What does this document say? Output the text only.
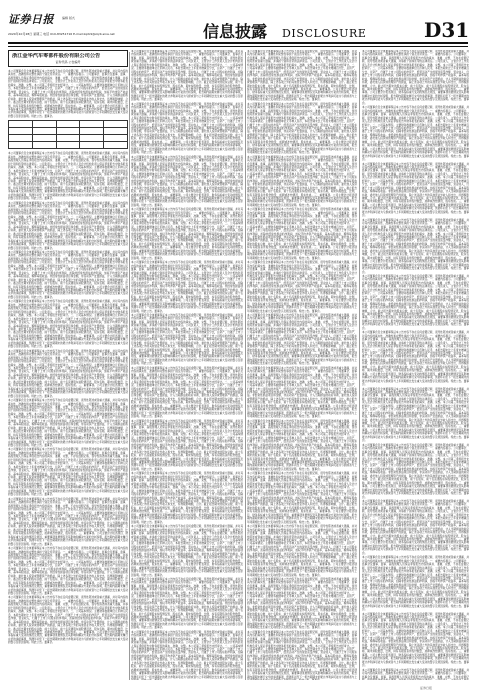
证券日报	编辑 版式
2020年10月28日 星期三 电话 010-83251716 E-mail:zqrb9@zqrb.sina.net	信息披露 DISCLOSURE	D31
浙江金华汽车零部件股份有限公司公告
证券代码 公告编号

本公司董事会及全体董事保证本公告内容不存在任何虚假记载、误导性陈述或者重大遗漏，并对其内容的真实性、准确性和完整性承担个别及连带责任。一、重要内容提示。公司董事会、监事会及董事、监事、高级管理人员保证季度报告内容的真实、准确、完整，不存在虚假记载、误导性陈述或者重大遗漏，并承担个别和连带的法律责任。公司负责人、主管会计工作负责人及会计机构负责人保证季度报告中财务报表的真实、准确、完整。本公司第三季度报告未经审计。二、公司基本情况。主要财务数据单位元币种人民币，本报告期末比上年度末增减百分比，总资产，归属于上市公司股东的净资产，经营活动产生的现金流量净额，营业收入，归属于上市公司股东的净利润，扣除非经常性损益的净利润，加权平均净资产收益率，基本每股收益，稀释每股收益。非经常性损益项目和金额，非流动资产处置损益，计入当期损益的政府补助，委托他人投资或管理资产的损益，除上述各项之外的其他营业外收入和支出，所得税影响额，合计。截止报告期末的股东总数、前十名股东、前十名流通股东持股情况表，股东名称，期末持股数量，比例，持有有限售条件股份数量，质押或冻结情况，股东性质。三、重要事项。公司主要会计报表项目、财务指标重大变动的情况及原因，重要事项进展情况及其影响和解决方案的分析说明，报告期内超期未履行完毕的承诺事项，预测年初至下一报告期期末的累计净利润可能为亏损或者与上年同期相比发生重大变动的警示及原因说明。特此公告。董事会。

本公司董事会及全体董事保证本公告内容不存在任何虚假记载、误导性陈述或者重大遗漏，并对其内容的真实性、准确性和完整性承担个别及连带责任。一、重要内容提示。公司董事会、监事会及董事、监事、高级管理人员保证季度报告内容的真实、准确、完整，不存在虚假记载、误导性陈述或者重大遗漏，并承担个别和连带的法律责任。公司负责人、主管会计工作负责人及会计机构负责人保证季度报告中财务报表的真实、准确、完整。本公司第三季度报告未经审计。二、公司基本情况。主要财务数据单位元币种人民币，本报告期末比上年度末增减百分比，总资产，归属于上市公司股东的净资产，经营活动产生的现金流量净额，营业收入，归属于上市公司股东的净利润，扣除非经常性损益的净利润，加权平均净资产收益率，基本每股收益，稀释每股收益。非经常性损益项目和金额，非流动资产处置损益，计入当期损益的政府补助，委托他人投资或管理资产的损益，除上述各项之外的其他营业外收入和支出，所得税影响额，合计。截止报告期末的股东总数、前十名股东、前十名流通股东持股情况表，股东名称，期末持股数量，比例，持有有限售条件股份数量，质押或冻结情况，股东性质。三、重要事项。公司主要会计报表项目、财务指标重大变动的情况及原因，重要事项进展情况及其影响和解决方案的分析说明，报告期内超期未履行完毕的承诺事项，预测年初至下一报告期期末的累计净利润可能为亏损或者与上年同期相比发生重大变动的警示及原因说明。特此公告。董事会。

本公司董事会及全体董事保证本公告内容不存在任何虚假记载、误导性陈述或者重大遗漏，并对其内容的真实性、准确性和完整性承担个别及连带责任。一、重要内容提示。公司董事会、监事会及董事、监事、高级管理人员保证季度报告内容的真实、准确、完整，不存在虚假记载、误导性陈述或者重大遗漏，并承担个别和连带的法律责任。公司负责人、主管会计工作负责人及会计机构负责人保证季度报告中财务报表的真实、准确、完整。本公司第三季度报告未经审计。二、公司基本情况。主要财务数据单位元币种人民币，本报告期末比上年度末增减百分比，总资产，归属于上市公司股东的净资产，经营活动产生的现金流量净额，营业收入，归属于上市公司股东的净利润，扣除非经常性损益的净利润，加权平均净资产收益率，基本每股收益，稀释每股收益。非经常性损益项目和金额，非流动资产处置损益，计入当期损益的政府补助，委托他人投资或管理资产的损益，除上述各项之外的其他营业外收入和支出，所得税影响额，合计。截止报告期末的股东总数、前十名股东、前十名流通股东持股情况表，股东名称，期末持股数量，比例，持有有限售条件股份数量，质押或冻结情况，股东性质。三、重要事项。公司主要会计报表项目、财务指标重大变动的情况及原因，重要事项进展情况及其影响和解决方案的分析说明，报告期内超期未履行完毕的承诺事项，预测年初至下一报告期期末的累计净利润可能为亏损或者与上年同期相比发生重大变动的警示及原因说明。特此公告。董事会。

本公司董事会及全体董事保证本公告内容不存在任何虚假记载、误导性陈述或者重大遗漏，并对其内容的真实性、准确性和完整性承担个别及连带责任。一、重要内容提示。公司董事会、监事会及董事、监事、高级管理人员保证季度报告内容的真实、准确、完整，不存在虚假记载、误导性陈述或者重大遗漏，并承担个别和连带的法律责任。公司负责人、主管会计工作负责人及会计机构负责人保证季度报告中财务报表的真实、准确、完整。本公司第三季度报告未经审计。二、公司基本情况。主要财务数据单位元币种人民币，本报告期末比上年度末增减百分比，总资产，归属于上市公司股东的净资产，经营活动产生的现金流量净额，营业收入，归属于上市公司股东的净利润，扣除非经常性损益的净利润，加权平均净资产收益率，基本每股收益，稀释每股收益。非经常性损益项目和金额，非流动资产处置损益，计入当期损益的政府补助，委托他人投资或管理资产的损益，除上述各项之外的其他营业外收入和支出，所得税影响额，合计。截止报告期末的股东总数、前十名股东、前十名流通股东持股情况表，股东名称，期末持股数量，比例，持有有限售条件股份数量，质押或冻结情况，股东性质。三、重要事项。公司主要会计报表项目、财务指标重大变动的情况及原因，重要事项进展情况及其影响和解决方案的分析说明，报告期内超期未履行完毕的承诺事项，预测年初至下一报告期期末的累计净利润可能为亏损或者与上年同期相比发生重大变动的警示及原因说明。特此公告。董事会。

本公司董事会及全体董事保证本公告内容不存在任何虚假记载、误导性陈述或者重大遗漏，并对其内容的真实性、准确性和完整性承担个别及连带责任。一、重要内容提示。公司董事会、监事会及董事、监事、高级管理人员保证季度报告内容的真实、准确、完整，不存在虚假记载、误导性陈述或者重大遗漏，并承担个别和连带的法律责任。公司负责人、主管会计工作负责人及会计机构负责人保证季度报告中财务报表的真实、准确、完整。本公司第三季度报告未经审计。二、公司基本情况。主要财务数据单位元币种人民币，本报告期末比上年度末增减百分比，总资产，归属于上市公司股东的净资产，经营活动产生的现金流量净额，营业收入，归属于上市公司股东的净利润，扣除非经常性损益的净利润，加权平均净资产收益率，基本每股收益，稀释每股收益。非经常性损益项目和金额，非流动资产处置损益，计入当期损益的政府补助，委托他人投资或管理资产的损益，除上述各项之外的其他营业外收入和支出，所得税影响额，合计。截止报告期末的股东总数、前十名股东、前十名流通股东持股情况表，股东名称，期末持股数量，比例，持有有限售条件股份数量，质押或冻结情况，股东性质。三、重要事项。公司主要会计报表项目、财务指标重大变动的情况及原因，重要事项进展情况及其影响和解决方案的分析说明，报告期内超期未履行完毕的承诺事项，预测年初至下一报告期期末的累计净利润可能为亏损或者与上年同期相比发生重大变动的警示及原因说明。特此公告。董事会。

本公司董事会及全体董事保证本公告内容不存在任何虚假记载、误导性陈述或者重大遗漏，并对其内容的真实性、准确性和完整性承担个别及连带责任。一、重要内容提示。公司董事会、监事会及董事、监事、高级管理人员保证季度报告内容的真实、准确、完整，不存在虚假记载、误导性陈述或者重大遗漏，并承担个别和连带的法律责任。公司负责人、主管会计工作负责人及会计机构负责人保证季度报告中财务报表的真实、准确、完整。本公司第三季度报告未经审计。二、公司基本情况。主要财务数据单位元币种人民币，本报告期末比上年度末增减百分比，总资产，归属于上市公司股东的净资产，经营活动产生的现金流量净额，营业收入，归属于上市公司股东的净利润，扣除非经常性损益的净利润，加权平均净资产收益率，基本每股收益，稀释每股收益。非经常性损益项目和金额，非流动资产处置损益，计入当期损益的政府补助，委托他人投资或管理资产的损益，除上述各项之外的其他营业外收入和支出，所得税影响额，合计。截止报告期末的股东总数、前十名股东、前十名流通股东持股情况表，股东名称，期末持股数量，比例，持有有限售条件股份数量，质押或冻结情况，股东性质。三、重要事项。公司主要会计报表项目、财务指标重大变动的情况及原因，重要事项进展情况及其影响和解决方案的分析说明，报告期内超期未履行完毕的承诺事项，预测年初至下一报告期期末的累计净利润可能为亏损或者与上年同期相比发生重大变动的警示及原因说明。特此公告。董事会。

本公司董事会及全体董事保证本公告内容不存在任何虚假记载、误导性陈述或者重大遗漏，并对其内容的真实性、准确性和完整性承担个别及连带责任。一、重要内容提示。公司董事会、监事会及董事、监事、高级管理人员保证季度报告内容的真实、准确、完整，不存在虚假记载、误导性陈述或者重大遗漏，并承担个别和连带的法律责任。公司负责人、主管会计工作负责人及会计机构负责人保证季度报告中财务报表的真实、准确、完整。本公司第三季度报告未经审计。二、公司基本情况。主要财务数据单位元币种人民币，本报告期末比上年度末增减百分比，总资产，归属于上市公司股东的净资产，经营活动产生的现金流量净额，营业收入，归属于上市公司股东的净利润，扣除非经常性损益的净利润，加权平均净资产收益率，基本每股收益，稀释每股收益。非经常性损益项目和金额，非流动资产处置损益，计入当期损益的政府补助，委托他人投资或管理资产的损益，除上述各项之外的其他营业外收入和支出，所得税影响额，合计。截止报告期末的股东总数、前十名股东、前十名流通股东持股情况表，股东名称，期末持股数量，比例，持有有限售条件股份数量，质押或冻结情况，股东性质。三、重要事项。公司主要会计报表项目、财务指标重大变动的情况及原因，重要事项进展情况及其影响和解决方案的分析说明，报告期内超期未履行完毕的承诺事项，预测年初至下一报告期期末的累计净利润可能为亏损或者与上年同期相比发生重大变动的警示及原因说明。特此公告。董事会。

本公司董事会及全体董事保证本公告内容不存在任何虚假记载、误导性陈述或者重大遗漏，并对其内容的真实性、准确性和完整性承担个别及连带责任。一、重要内容提示。公司董事会、监事会及董事、监事、高级管理人员保证季度报告内容的真实、准确、完整，不存在虚假记载、误导性陈述或者重大遗漏，并承担个别和连带的法律责任。公司负责人、主管会计工作负责人及会计机构负责人保证季度报告中财务报表的真实、准确、完整。本公司第三季度报告未经审计。二、公司基本情况。主要财务数据单位元币种人民币，本报告期末比上年度末增减百分比，总资产，归属于上市公司股东的净资产，经营活动产生的现金流量净额，营业收入，归属于上市公司股东的净利润，扣除非经常性损益的净利润，加权平均净资产收益率，基本每股收益，稀释每股收益。非经常性损益项目和金额，非流动资产处置损益，计入当期损益的政府补助，委托他人投资或管理资产的损益，除上述各项之外的其他营业外收入和支出，所得税影响额，合计。截止报告期末的股东总数、前十名股东、前十名流通股东持股情况表，股东名称，期末持股数量，比例，持有有限售条件股份数量，质押或冻结情况，股东性质。三、重要事项。公司主要会计报表项目、财务指标重大变动的情况及原因，重要事项进展情况及其影响和解决方案的分析说明，报告期内超期未履行完毕的承诺事项，预测年初至下一报告期期末的累计净利润可能为亏损或者与上年同期相比发生重大变动的警示及原因说明。特此公告。董事会。

本公司董事会及全体董事保证本公告内容不存在任何虚假记载、误导性陈述或者重大遗漏，并对其内容的真实性、准确性和完整性承担个别及连带责任。一、重要内容提示。公司董事会、监事会及董事、监事、高级管理人员保证季度报告内容的真实、准确、完整，不存在虚假记载、误导性陈述或者重大遗漏，并承担个别和连带的法律责任。公司负责人、主管会计工作负责人及会计机构负责人保证季度报告中财务报表的真实、准确、完整。本公司第三季度报告未经审计。二、公司基本情况。主要财务数据单位元币种人民币，本报告期末比上年度末增减百分比，总资产，归属于上市公司股东的净资产，经营活动产生的现金流量净额，营业收入，归属于上市公司股东的净利润，扣除非经常性损益的净利润，加权平均净资产收益率，基本每股收益，稀释每股收益。非经常性损益项目和金额，非流动资产处置损益，计入当期损益的政府补助，委托他人投资或管理资产的损益，除上述各项之外的其他营业外收入和支出，所得税影响额，合计。截止报告期末的股东总数、前十名股东、前十名流通股东持股情况表，股东名称，期末持股数量，比例，持有有限售条件股份数量，质押或冻结情况，股东性质。三、重要事项。公司主要会计报表项目、财务指标重大变动的情况及原因，重要事项进展情况及其影响和解决方案的分析说明，报告期内超期未履行完毕的承诺事项，预测年初至下一报告期期末的累计净利润可能为亏损或者与上年同期相比发生重大变动的警示及原因说明。特此公告。董事会。

本公司董事会及全体董事保证本公告内容不存在任何虚假记载、误导性陈述或者重大遗漏，并对其内容的真实性、准确性和完整性承担个别及连带责任。一、重要内容提示。公司董事会、监事会及董事、监事、高级管理人员保证季度报告内容的真实、准确、完整，不存在虚假记载、误导性陈述或者重大遗漏，并承担个别和连带的法律责任。公司负责人、主管会计工作负责人及会计机构负责人保证季度报告中财务报表的真实、准确、完整。本公司第三季度报告未经审计。二、公司基本情况。主要财务数据单位元币种人民币，本报告期末比上年度末增减百分比，总资产，归属于上市公司股东的净资产，经营活动产生的现金流量净额，营业收入，归属于上市公司股东的净利润，扣除非经常性损益的净利润，加权平均净资产收益率，基本每股收益，稀释每股收益。非经常性损益项目和金额，非流动资产处置损益，计入当期损益的政府补助，委托他人投资或管理资产的损益，除上述各项之外的其他营业外收入和支出，所得税影响额，合计。截止报告期末的股东总数、前十名股东、前十名流通股东持股情况表，股东名称，期末持股数量，比例，持有有限售条件股份数量，质押或冻结情况，股东性质。三、重要事项。公司主要会计报表项目、财务指标重大变动的情况及原因，重要事项进展情况及其影响和解决方案的分析说明，报告期内超期未履行完毕的承诺事项，预测年初至下一报告期期末的累计净利润可能为亏损或者与上年同期相比发生重大变动的警示及原因说明。特此公告。董事会。

本公司董事会及全体董事保证本公告内容不存在任何虚假记载、误导性陈述或者重大遗漏，并对其内容的真实性、准确性和完整性承担个别及连带责任。一、重要内容提示。公司董事会、监事会及董事、监事、高级管理人员保证季度报告内容的真实、准确、完整，不存在虚假记载、误导性陈述或者重大遗漏，并承担个别和连带的法律责任。公司负责人、主管会计工作负责人及会计机构负责人保证季度报告中财务报表的真实、准确、完整。本公司第三季度报告未经审计。二、公司基本情况。主要财务数据单位元币种人民币，本报告期末比上年度末增减百分比，总资产，归属于上市公司股东的净资产，经营活动产生的现金流量净额，营业收入，归属于上市公司股东的净利润，扣除非经常性损益的净利润，加权平均净资产收益率，基本每股收益，稀释每股收益。非经常性损益项目和金额，非流动资产处置损益，计入当期损益的政府补助，委托他人投资或管理资产的损益，除上述各项之外的其他营业外收入和支出，所得税影响额，合计。截止报告期末的股东总数、前十名股东、前十名流通股东持股情况表，股东名称，期末持股数量，比例，持有有限售条件股份数量，质押或冻结情况，股东性质。三、重要事项。公司主要会计报表项目、财务指标重大变动的情况及原因，重要事项进展情况及其影响和解决方案的分析说明，报告期内超期未履行完毕的承诺事项，预测年初至下一报告期期末的累计净利润可能为亏损或者与上年同期相比发生重大变动的警示及原因说明。特此公告。董事会。

本公司董事会及全体董事保证本公告内容不存在任何虚假记载、误导性陈述或者重大遗漏，并对其内容的真实性、准确性和完整性承担个别及连带责任。一、重要内容提示。公司董事会、监事会及董事、监事、高级管理人员保证季度报告内容的真实、准确、完整，不存在虚假记载、误导性陈述或者重大遗漏，并承担个别和连带的法律责任。公司负责人、主管会计工作负责人及会计机构负责人保证季度报告中财务报表的真实、准确、完整。本公司第三季度报告未经审计。二、公司基本情况。主要财务数据单位元币种人民币，本报告期末比上年度末增减百分比，总资产，归属于上市公司股东的净资产，经营活动产生的现金流量净额，营业收入，归属于上市公司股东的净利润，扣除非经常性损益的净利润，加权平均净资产收益率，基本每股收益，稀释每股收益。非经常性损益项目和金额，非流动资产处置损益，计入当期损益的政府补助，委托他人投资或管理资产的损益，除上述各项之外的其他营业外收入和支出，所得税影响额，合计。截止报告期末的股东总数、前十名股东、前十名流通股东持股情况表，股东名称，期末持股数量，比例，持有有限售条件股份数量，质押或冻结情况，股东性质。三、重要事项。公司主要会计报表项目、财务指标重大变动的情况及原因，重要事项进展情况及其影响和解决方案的分析说明，报告期内超期未履行完毕的承诺事项，预测年初至下一报告期期末的累计净利润可能为亏损或者与上年同期相比发生重大变动的警示及原因说明。特此公告。董事会。

本公司董事会及全体董事保证本公告内容不存在任何虚假记载、误导性陈述或者重大遗漏，并对其内容的真实性、准确性和完整性承担个别及连带责任。一、重要内容提示。公司董事会、监事会及董事、监事、高级管理人员保证季度报告内容的真实、准确、完整，不存在虚假记载、误导性陈述或者重大遗漏，并承担个别和连带的法律责任。公司负责人、主管会计工作负责人及会计机构负责人保证季度报告中财务报表的真实、准确、完整。本公司第三季度报告未经审计。二、公司基本情况。主要财务数据单位元币种人民币，本报告期末比上年度末增减百分比，总资产，归属于上市公司股东的净资产，经营活动产生的现金流量净额，营业收入，归属于上市公司股东的净利润，扣除非经常性损益的净利润，加权平均净资产收益率，基本每股收益，稀释每股收益。非经常性损益项目和金额，非流动资产处置损益，计入当期损益的政府补助，委托他人投资或管理资产的损益，除上述各项之外的其他营业外收入和支出，所得税影响额，合计。截止报告期末的股东总数、前十名股东、前十名流通股东持股情况表，股东名称，期末持股数量，比例，持有有限售条件股份数量，质押或冻结情况，股东性质。三、重要事项。公司主要会计报表项目、财务指标重大变动的情况及原因，重要事项进展情况及其影响和解决方案的分析说明，报告期内超期未履行完毕的承诺事项，预测年初至下一报告期期末的累计净利润可能为亏损或者与上年同期相比发生重大变动的警示及原因说明。特此公告。董事会。

本公司董事会及全体董事保证本公告内容不存在任何虚假记载、误导性陈述或者重大遗漏，并对其内容的真实性、准确性和完整性承担个别及连带责任。一、重要内容提示。公司董事会、监事会及董事、监事、高级管理人员保证季度报告内容的真实、准确、完整，不存在虚假记载、误导性陈述或者重大遗漏，并承担个别和连带的法律责任。公司负责人、主管会计工作负责人及会计机构负责人保证季度报告中财务报表的真实、准确、完整。本公司第三季度报告未经审计。二、公司基本情况。主要财务数据单位元币种人民币，本报告期末比上年度末增减百分比，总资产，归属于上市公司股东的净资产，经营活动产生的现金流量净额，营业收入，归属于上市公司股东的净利润，扣除非经常性损益的净利润，加权平均净资产收益率，基本每股收益，稀释每股收益。非经常性损益项目和金额，非流动资产处置损益，计入当期损益的政府补助，委托他人投资或管理资产的损益，除上述各项之外的其他营业外收入和支出，所得税影响额，合计。截止报告期末的股东总数、前十名股东、前十名流通股东持股情况表，股东名称，期末持股数量，比例，持有有限售条件股份数量，质押或冻结情况，股东性质。三、重要事项。公司主要会计报表项目、财务指标重大变动的情况及原因，重要事项进展情况及其影响和解决方案的分析说明，报告期内超期未履行完毕的承诺事项，预测年初至下一报告期期末的累计净利润可能为亏损或者与上年同期相比发生重大变动的警示及原因说明。特此公告。董事会。

本公司董事会及全体董事保证本公告内容不存在任何虚假记载、误导性陈述或者重大遗漏，并对其内容的真实性、准确性和完整性承担个别及连带责任。一、重要内容提示。公司董事会、监事会及董事、监事、高级管理人员保证季度报告内容的真实、准确、完整，不存在虚假记载、误导性陈述或者重大遗漏，并承担个别和连带的法律责任。公司负责人、主管会计工作负责人及会计机构负责人保证季度报告中财务报表的真实、准确、完整。本公司第三季度报告未经审计。二、公司基本情况。主要财务数据单位元币种人民币，本报告期末比上年度末增减百分比，总资产，归属于上市公司股东的净资产，经营活动产生的现金流量净额，营业收入，归属于上市公司股东的净利润，扣除非经常性损益的净利润，加权平均净资产收益率，基本每股收益，稀释每股收益。非经常性损益项目和金额，非流动资产处置损益，计入当期损益的政府补助，委托他人投资或管理资产的损益，除上述各项之外的其他营业外收入和支出，所得税影响额，合计。截止报告期末的股东总数、前十名股东、前十名流通股东持股情况表，股东名称，期末持股数量，比例，持有有限售条件股份数量，质押或冻结情况，股东性质。三、重要事项。公司主要会计报表项目、财务指标重大变动的情况及原因，重要事项进展情况及其影响和解决方案的分析说明，报告期内超期未履行完毕的承诺事项，预测年初至下一报告期期末的累计净利润可能为亏损或者与上年同期相比发生重大变动的警示及原因说明。特此公告。董事会。

本公司董事会及全体董事保证本公告内容不存在任何虚假记载、误导性陈述或者重大遗漏，并对其内容的真实性、准确性和完整性承担个别及连带责任。一、重要内容提示。公司董事会、监事会及董事、监事、高级管理人员保证季度报告内容的真实、准确、完整，不存在虚假记载、误导性陈述或者重大遗漏，并承担个别和连带的法律责任。公司负责人、主管会计工作负责人及会计机构负责人保证季度报告中财务报表的真实、准确、完整。本公司第三季度报告未经审计。二、公司基本情况。主要财务数据单位元币种人民币，本报告期末比上年度末增减百分比，总资产，归属于上市公司股东的净资产，经营活动产生的现金流量净额，营业收入，归属于上市公司股东的净利润，扣除非经常性损益的净利润，加权平均净资产收益率，基本每股收益，稀释每股收益。非经常性损益项目和金额，非流动资产处置损益，计入当期损益的政府补助，委托他人投资或管理资产的损益，除上述各项之外的其他营业外收入和支出，所得税影响额，合计。截止报告期末的股东总数、前十名股东、前十名流通股东持股情况表，股东名称，期末持股数量，比例，持有有限售条件股份数量，质押或冻结情况，股东性质。三、重要事项。公司主要会计报表项目、财务指标重大变动的情况及原因，重要事项进展情况及其影响和解决方案的分析说明，报告期内超期未履行完毕的承诺事项，预测年初至下一报告期期末的累计净利润可能为亏损或者与上年同期相比发生重大变动的警示及原因说明。特此公告。董事会。

本公司董事会及全体董事保证本公告内容不存在任何虚假记载、误导性陈述或者重大遗漏，并对其内容的真实性、准确性和完整性承担个别及连带责任。一、重要内容提示。公司董事会、监事会及董事、监事、高级管理人员保证季度报告内容的真实、准确、完整，不存在虚假记载、误导性陈述或者重大遗漏，并承担个别和连带的法律责任。公司负责人、主管会计工作负责人及会计机构负责人保证季度报告中财务报表的真实、准确、完整。本公司第三季度报告未经审计。二、公司基本情况。主要财务数据单位元币种人民币，本报告期末比上年度末增减百分比，总资产，归属于上市公司股东的净资产，经营活动产生的现金流量净额，营业收入，归属于上市公司股东的净利润，扣除非经常性损益的净利润，加权平均净资产收益率，基本每股收益，稀释每股收益。非经常性损益项目和金额，非流动资产处置损益，计入当期损益的政府补助，委托他人投资或管理资产的损益，除上述各项之外的其他营业外收入和支出，所得税影响额，合计。截止报告期末的股东总数、前十名股东、前十名流通股东持股情况表，股东名称，期末持股数量，比例，持有有限售条件股份数量，质押或冻结情况，股东性质。三、重要事项。公司主要会计报表项目、财务指标重大变动的情况及原因，重要事项进展情况及其影响和解决方案的分析说明，报告期内超期未履行完毕的承诺事项，预测年初至下一报告期期末的累计净利润可能为亏损或者与上年同期相比发生重大变动的警示及原因说明。特此公告。董事会。

本公司董事会及全体董事保证本公告内容不存在任何虚假记载、误导性陈述或者重大遗漏，并对其内容的真实性、准确性和完整性承担个别及连带责任。一、重要内容提示。公司董事会、监事会及董事、监事、高级管理人员保证季度报告内容的真实、准确、完整，不存在虚假记载、误导性陈述或者重大遗漏，并承担个别和连带的法律责任。公司负责人、主管会计工作负责人及会计机构负责人保证季度报告中财务报表的真实、准确、完整。本公司第三季度报告未经审计。二、公司基本情况。主要财务数据单位元币种人民币，本报告期末比上年度末增减百分比，总资产，归属于上市公司股东的净资产，经营活动产生的现金流量净额，营业收入，归属于上市公司股东的净利润，扣除非经常性损益的净利润，加权平均净资产收益率，基本每股收益，稀释每股收益。非经常性损益项目和金额，非流动资产处置损益，计入当期损益的政府补助，委托他人投资或管理资产的损益，除上述各项之外的其他营业外收入和支出，所得税影响额，合计。截止报告期末的股东总数、前十名股东、前十名流通股东持股情况表，股东名称，期末持股数量，比例，持有有限售条件股份数量，质押或冻结情况，股东性质。三、重要事项。公司主要会计报表项目、财务指标重大变动的情况及原因，重要事项进展情况及其影响和解决方案的分析说明，报告期内超期未履行完毕的承诺事项，预测年初至下一报告期期末的累计净利润可能为亏损或者与上年同期相比发生重大变动的警示及原因说明。特此公告。董事会。

本公司董事会及全体董事保证本公告内容不存在任何虚假记载、误导性陈述或者重大遗漏，并对其内容的真实性、准确性和完整性承担个别及连带责任。一、重要内容提示。公司董事会、监事会及董事、监事、高级管理人员保证季度报告内容的真实、准确、完整，不存在虚假记载、误导性陈述或者重大遗漏，并承担个别和连带的法律责任。公司负责人、主管会计工作负责人及会计机构负责人保证季度报告中财务报表的真实、准确、完整。本公司第三季度报告未经审计。二、公司基本情况。主要财务数据单位元币种人民币，本报告期末比上年度末增减百分比，总资产，归属于上市公司股东的净资产，经营活动产生的现金流量净额，营业收入，归属于上市公司股东的净利润，扣除非经常性损益的净利润，加权平均净资产收益率，基本每股收益，稀释每股收益。非经常性损益项目和金额，非流动资产处置损益，计入当期损益的政府补助，委托他人投资或管理资产的损益，除上述各项之外的其他营业外收入和支出，所得税影响额，合计。截止报告期末的股东总数、前十名股东、前十名流通股东持股情况表，股东名称，期末持股数量，比例，持有有限售条件股份数量，质押或冻结情况，股东性质。三、重要事项。公司主要会计报表项目、财务指标重大变动的情况及原因，重要事项进展情况及其影响和解决方案的分析说明，报告期内超期未履行完毕的承诺事项，预测年初至下一报告期期末的累计净利润可能为亏损或者与上年同期相比发生重大变动的警示及原因说明。特此公告。董事会。

本公司董事会及全体董事保证本公告内容不存在任何虚假记载、误导性陈述或者重大遗漏，并对其内容的真实性、准确性和完整性承担个别及连带责任。一、重要内容提示。公司董事会、监事会及董事、监事、高级管理人员保证季度报告内容的真实、准确、完整，不存在虚假记载、误导性陈述或者重大遗漏，并承担个别和连带的法律责任。公司负责人、主管会计工作负责人及会计机构负责人保证季度报告中财务报表的真实、准确、完整。本公司第三季度报告未经审计。二、公司基本情况。主要财务数据单位元币种人民币，本报告期末比上年度末增减百分比，总资产，归属于上市公司股东的净资产，经营活动产生的现金流量净额，营业收入，归属于上市公司股东的净利润，扣除非经常性损益的净利润，加权平均净资产收益率，基本每股收益，稀释每股收益。非经常性损益项目和金额，非流动资产处置损益，计入当期损益的政府补助，委托他人投资或管理资产的损益，除上述各项之外的其他营业外收入和支出，所得税影响额，合计。截止报告期末的股东总数、前十名股东、前十名流通股东持股情况表，股东名称，期末持股数量，比例，持有有限售条件股份数量，质押或冻结情况，股东性质。三、重要事项。公司主要会计报表项目、财务指标重大变动的情况及原因，重要事项进展情况及其影响和解决方案的分析说明，报告期内超期未履行完毕的承诺事项，预测年初至下一报告期期末的累计净利润可能为亏损或者与上年同期相比发生重大变动的警示及原因说明。特此公告。董事会。

本公司董事会及全体董事保证本公告内容不存在任何虚假记载、误导性陈述或者重大遗漏，并对其内容的真实性、准确性和完整性承担个别及连带责任。一、重要内容提示。公司董事会、监事会及董事、监事、高级管理人员保证季度报告内容的真实、准确、完整，不存在虚假记载、误导性陈述或者重大遗漏，并承担个别和连带的法律责任。公司负责人、主管会计工作负责人及会计机构负责人保证季度报告中财务报表的真实、准确、完整。本公司第三季度报告未经审计。二、公司基本情况。主要财务数据单位元币种人民币，本报告期末比上年度末增减百分比，总资产，归属于上市公司股东的净资产，经营活动产生的现金流量净额，营业收入，归属于上市公司股东的净利润，扣除非经常性损益的净利润，加权平均净资产收益率，基本每股收益，稀释每股收益。非经常性损益项目和金额，非流动资产处置损益，计入当期损益的政府补助，委托他人投资或管理资产的损益，除上述各项之外的其他营业外收入和支出，所得税影响额，合计。截止报告期末的股东总数、前十名股东、前十名流通股东持股情况表，股东名称，期末持股数量，比例，持有有限售条件股份数量，质押或冻结情况，股东性质。三、重要事项。公司主要会计报表项目、财务指标重大变动的情况及原因，重要事项进展情况及其影响和解决方案的分析说明，报告期内超期未履行完毕的承诺事项，预测年初至下一报告期期末的累计净利润可能为亏损或者与上年同期相比发生重大变动的警示及原因说明。特此公告。董事会。

本公司董事会及全体董事保证本公告内容不存在任何虚假记载、误导性陈述或者重大遗漏，并对其内容的真实性、准确性和完整性承担个别及连带责任。一、重要内容提示。公司董事会、监事会及董事、监事、高级管理人员保证季度报告内容的真实、准确、完整，不存在虚假记载、误导性陈述或者重大遗漏，并承担个别和连带的法律责任。公司负责人、主管会计工作负责人及会计机构负责人保证季度报告中财务报表的真实、准确、完整。本公司第三季度报告未经审计。二、公司基本情况。主要财务数据单位元币种人民币，本报告期末比上年度末增减百分比，总资产，归属于上市公司股东的净资产，经营活动产生的现金流量净额，营业收入，归属于上市公司股东的净利润，扣除非经常性损益的净利润，加权平均净资产收益率，基本每股收益，稀释每股收益。非经常性损益项目和金额，非流动资产处置损益，计入当期损益的政府补助，委托他人投资或管理资产的损益，除上述各项之外的其他营业外收入和支出，所得税影响额，合计。截止报告期末的股东总数、前十名股东、前十名流通股东持股情况表，股东名称，期末持股数量，比例，持有有限售条件股份数量，质押或冻结情况，股东性质。三、重要事项。公司主要会计报表项目、财务指标重大变动的情况及原因，重要事项进展情况及其影响和解决方案的分析说明，报告期内超期未履行完毕的承诺事项，预测年初至下一报告期期末的累计净利润可能为亏损或者与上年同期相比发生重大变动的警示及原因说明。特此公告。董事会。

本公司董事会及全体董事保证本公告内容不存在任何虚假记载、误导性陈述或者重大遗漏，并对其内容的真实性、准确性和完整性承担个别及连带责任。一、重要内容提示。公司董事会、监事会及董事、监事、高级管理人员保证季度报告内容的真实、准确、完整，不存在虚假记载、误导性陈述或者重大遗漏，并承担个别和连带的法律责任。公司负责人、主管会计工作负责人及会计机构负责人保证季度报告中财务报表的真实、准确、完整。本公司第三季度报告未经审计。二、公司基本情况。主要财务数据单位元币种人民币，本报告期末比上年度末增减百分比，总资产，归属于上市公司股东的净资产，经营活动产生的现金流量净额，营业收入，归属于上市公司股东的净利润，扣除非经常性损益的净利润，加权平均净资产收益率，基本每股收益，稀释每股收益。非经常性损益项目和金额，非流动资产处置损益，计入当期损益的政府补助，委托他人投资或管理资产的损益，除上述各项之外的其他营业外收入和支出，所得税影响额，合计。截止报告期末的股东总数、前十名股东、前十名流通股东持股情况表，股东名称，期末持股数量，比例，持有有限售条件股份数量，质押或冻结情况，股东性质。三、重要事项。公司主要会计报表项目、财务指标重大变动的情况及原因，重要事项进展情况及其影响和解决方案的分析说明，报告期内超期未履行完毕的承诺事项，预测年初至下一报告期期末的累计净利润可能为亏损或者与上年同期相比发生重大变动的警示及原

本公司董事会及全体董事保证本公告内容不存在任何虚假记载、误导性陈述或者重大遗漏，并对其内容的真实性、准确性和完整性承担个别及连带责任。一、重要内容提示。公司董事会、监事会及董事、监事、高级管理人员保证季度报告内容的真实、准确、完整，不存在虚假记载、误导性陈述或者重大遗漏，并承担个别和连带的法律责任。公司负责人、主管会计工作负责人及会计机构负责人保证季度报告中财务报表的真实、准确、完整。本公司第三季度报告未经审计。二、公司基本情况。主要财务数据单位元币种人民币，本报告期末比上年度末增减百分比，总资产，归属于上市公司股东的净资产，经营活动产生的现金流量净额，营业收入，归属于上市公司股东的净利润，扣除非经常性损益的净利润，加权平均净资产收益率，基本每股收益，稀释每股收益。非经常性损益项目和金额，非流动资产处置损益，计入当期损益的政府补助，委托他人投资或管理资产的损益，除上述各项之外的其他营业外收入和支出，所得税影响额，合计。截止报告期末的股东总数、前十名股东、前十名流通股东持股情况表，股东名称，期末持股数量，比例，持有有限售条件股份数量，质押或冻结情况，股东性质。三、重要事项。公司主要会计报表项目、财务指标重大变动的情况及原因，重要事项进展情况及其影响和解决方案的分析说明，报告期内超期未履行完毕的承诺事项，预测年初至下一报告期期末的累计净利润可能为亏损或者与上年同期相比发生重大变动的警示及原因说明。特此公告。董事会。

本公司董事会及全体董事保证本公告内容不存在任何虚假记载、误导性陈述或者重大遗漏，并对其内容的真实性、准确性和完整性承担个别及连带责任。一、重要内容提示。公司董事会、监事会及董事、监事、高级管理人员保证季度报告内容的真实、准确、完整，不存在虚假记载、误导性陈述或者重大遗漏，并承担个别和连带的法律责任。公司负责人、主管会计工作负责人及会计机构负责人保证季度报告中财务报表的真实、准确、完整。本公司第三季度报告未经审计。二、公司基本情况。主要财务数据单位元币种人民币，本报告期末比上年度末增减百分比，总资产，归属于上市公司股东的净资产，经营活动产生的现金流量净额，营业收入，归属于上市公司股东的净利润，扣除非经常性损益的净利润，加权平均净资产收益率，基本每股收益，稀释每股收益。非经常性损益项目和金额，非流动资产处置损益，计入当期损益的政府补助，委托他人投资或管理资产的损益，除上述各项之外的其他营业外收入和支出，所得税影响额，合计。截止报告期末的股东总数、前十名股东、前十名流通股东持股情况表，股东名称，期末持股数量，比例，持有有限售条件股份数量，质押或冻结情况，股东性质。三、重要事项。公司主要会计报表项目、财务指标重大变动的情况及原因，重要事项进展情况及其影响和解决方案的分析说明，报告期内超期未履行完毕的承诺事项，预测年初至下一报告期期末的累计净利润可能为亏损或者与上年同期相比发生重大变动的警示及原因说明。特此公告。董事会。

本公司董事会及全体董事保证本公告内容不存在任何虚假记载、误导性陈述或者重大遗漏，并对其内容的真实性、准确性和完整性承担个别及连带责任。一、重要内容提示。公司董事会、监事会及董事、监事、高级管理人员保证季度报告内容的真实、准确、完整，不存在虚假记载、误导性陈述或者重大遗漏，并承担个别和连带的法律责任。公司负责人、主管会计工作负责人及会计机构负责人保证季度报告中财务报表的真实、准确、完整。本公司第三季度报告未经审计。二、公司基本情况。主要财务数据单位元币种人民币，本报告期末比上年度末增减百分比，总资产，归属于上市公司股东的净资产，经营活动产生的现金流量净额，营业收入，归属于上市公司股东的净利润，扣除非经常性损益的净利润，加权平均净资产收益率，基本每股收益，稀释每股收益。非经常性损益项目和金额，非流动资产处置损益，计入当期损益的政府补助，委托他人投资或管理资产的损益，除上述各项之外的其他营业外收入和支出，所得税影响额，合计。截止报告期末的股东总数、前十名股东、前十名流通股东持股情况表，股东名称，期末持股数量，比例，持有有限售条件股份数量，质押或冻结情况，股东性质。三、重要事项。公司主要会计报表项目、财务指标重大变动的情况及原因，重要事项进展情况及其影响和解决方案的分析说明，报告期内超期未履行完毕的承诺事项，预测年初至下一报告期期末的累计净利润可能为亏损或者与上年同期相比发生重大变动的警示及原因说明。特此公告。董事会。

本公司董事会及全体董事保证本公告内容不存在任何虚假记载、误导性陈述或者重大遗漏，并对其内容的真实性、准确性和完整性承担个别及连带责任。一、重要内容提示。公司董事会、监事会及董事、监事、高级管理人员保证季度报告内容的真实、准确、完整，不存在虚假记载、误导性陈述或者重大遗漏，并承担个别和连带的法律责任。公司负责人、主管会计工作负责人及会计机构负责人保证季度报告中财务报表的真实、准确、完整。本公司第三季度报告未经审计。二、公司基本情况。主要财务数据单位元币种人民币，本报告期末比上年度末增减百分比，总资产，归属于上市公司股东的净资产，经营活动产生的现金流量净额，营业收入，归属于上市公司股东的净利润，扣除非经常性损益的净利润，加权平均净资产收益率，基本每股收益，稀释每股收益。非经常性损益项目和金额，非流动资产处置损益，计入当期损益的政府补助，委托他人投资或管理资产的损益，除上述各项之外的其他营业外收入和支出，所得税影响额，合计。截止报告期末的股东总数、前十名股东、前十名流通股东持股情况表，股东名称，期末持股数量，比例，持有有限售条件股份数量，质押或冻结情况，股东性质。三、重要事项。公司主要会计报表项目、财务指标重大变动的情况及原因，重要事项进展情况及其影响和解决方案的分析说明，报告期内超期未履行完毕的承诺事项，预测年初至下一报告期期末的累计净利润可能为亏损或者与上年同期相比发生重大变动的警示及原因说明。特此公告。董事会。

本公司董事会及全体董事保证本公告内容不存在任何虚假记载、误导性陈述或者重大遗漏，并对其内容的真实性、准确性和完整性承担个别及连带责任。一、重要内容提示。公司董事会、监事会及董事、监事、高级管理人员保证季度报告内容的真实、准确、完整，不存在虚假记载、误导性陈述或者重大遗漏，并承担个别和连带的法律责任。公司负责人、主管会计工作负责人及会计机构负责人保证季度报告中财务报表的真实、准确、完整。本公司第三季度报告未经审计。二、公司基本情况。主要财务数据单位元币种人民币，本报告期末比上年度末增减百分比，总资产，归属于上市公司股东的净资产，经营活动产生的现金流量净额，营业收入，归属于上市公司股东的净利润，扣除非经常性损益的净利润，加权平均净资产收益率，基本每股收益，稀释每股收益。非经常性损益项目和金额，非流动资产处置损益，计入当期损益的政府补助，委托他人投资或管理资产的损益，除上述各项之外的其他营业外收入和支出，所得税影响额，合计。截止报告期末的股东总数、前十名股东、前十名流通股东持股情况表，股东名称，期末持股数量，比例，持有有限售条件股份数量，质押或冻结情况，股东性质。三、重要事项。公司主要会计报表项目、财务指标重大变动的情况及原因，重要事项进展情况及其影响和解决方案的分析说明，报告期内超期未履行完毕的承诺事项，预测年初至下一报告期期末的累计净利润可能为亏损或者与上年同期相比发生重大变动的警示及原因说明。特此公告。董事会。

本公司董事会及全体董事保证本公告内容不存在任何虚假记载、误导性陈述或者重大遗漏，并对其内容的真实性、准确性和完整性承担个别及连带责任。一、重要内容提示。公司董事会、监事会及董事、监事、高级管理人员保证季度报告内容的真实、准确、完整，不存在虚假记载、误导性陈述或者重大遗漏，并承担个别和连带的法律责任。公司负责人、主管会计工作负责人及会计机构负责人保证季度报告中财务报表的真实、准确、完整。本公司第三季度报告未经审计。二、公司基本情况。主要财务数据单位元币种人民币，本报告期末比上年度末增减百分比，总资产，归属于上市公司股东的净资产，经营活动产生的现金流量净额，营业收入，归属于上市公司股东的净利润，扣除非经常性损益的净利润，加权平均净资产收益率，基本每股收益，稀释每股收益。非经常性损益项目和金额，非流动资产处置损益，计入当期损益的政府补助，委托他人投资或管理资产的损益，除上述各项之外的其他营业外收入和支出，所得税影响额，合计。截止报告期末的股东总数、前十名股东、前十名流通股东持股情况表，股东名称，期末持股数量，比例，持有有限售条件股份数量，质押或冻结情况，股东性质。三、重要事项。公司主要会计报表项目、财务指标重大变动的情况及原因，重要事项进展情况及其影响和解决方案的分析说明，报告期内超期未履行完毕的承诺事项，预测年初至下一报告期期末的累计净利润可能为亏损或者与上年同期相比发生重大变动的警示及原因说明。特此公告。董事会。

本公司董事会及全体董事保证本公告内容不存在任何虚假记载、误导性陈述或者重大遗漏，并对其内容的真实性、准确性和完整性承担个别及连带责任。一、重要内容提示。公司董事会、监事会及董事、监事、高级管理人员保证季度报告内容的真实、准确、完整，不存在虚假记载、误导性陈述或者重大遗漏，并承担个别和连带的法律责任。公司负责人、主管会计工作负责人及会计机构负责人保证季度报告中财务报表的真实、准确、完整。本公司第三季度报告未经审计。二、公司基本情况。主要财务数据单位元币种人民币，本报告期末比上年度末增减百分比，总资产，归属于上市公司股东的净资产，经营活动产生的现金流量净额，营业收入，归属于上市公司股东的净利润，扣除非经常性损益的净利润，加权平均净资产收益率，基本每股收益，稀释每股收益。非经常性损益项目和金额，非流动资产处置损益，计入当期损益的政府补助，委托他人投资或管理资产的损益，除上述各项之外的其他营业外收入和支出，所得税影响额，合计。截止报告期末的股东总数、前十名股东、前十名流通股东持股情况表，股东名称，期末持股数量，比例，持有有限售条件股份数量，质押或冻结情况，股东性质。三、重要事项。公司主要会计报表项目、财务指标重大变动的情况及原因，重要事项进展情况及其影响和解决方案的分析说明，报告期内超期未履行完毕的承诺事项，预测年初至下一报告期期末的累计净利润可能为亏损或者与上年同期相比发生重大变动的警示及原因说明。特此公告。董事会。

本公司董事会及全体董事保证本公告内容不存在任何虚假记载、误导性陈述或者重大遗漏，并对其内容的真实性、准确性和完整性承担个别及连带责任。一、重要内容提示。公司董事会、监事会及董事、监事、高级管理人员保证季度报告内容的真实、准确、完整，不存在虚假记载、误导性陈述或者重大遗漏，并承担个别和连带的法律责任。公司负责人、主管会计工作负责人及会计机构负责人保证季度报告中财务报表的真实、准确、完整。本公司第三季度报告未经审计。二、公司基本情况。主要财务数据单位元币种人民币，本报告期末比上年度末增减百分比，总资产，归属于上市公司股东的净资产，经营活动产生的现金流量净额，营业收入，归属于上市公司股东的净利润，扣除非经常性损益的净利润，加权平均净资产收益率，基本每股收益，稀释每股收益。非经常性损益项目和金额，非流动资产处置损益，计入当期损益的政府补助，委托他人投资或管理资产的损益，除上述各项之外的其他营业外收入和支出，所得税影响额，合计。截止报告期末的股东总数、前十名股东、前十名流通股东持股情况表，股东名称，期末持股数量，比例，持有有限售条件股份数量，质押或冻结情况，股东性质。三、重要事项。公司主要会计报表项目、财务指标重大变动的情况及原因，重要事项进展情况及其影响和解决方案的分析说明，报告期内超期未履行完毕的承诺事项，预测年初至下一报告期期末的累计净利润可能为亏损或者与上年同期相比发生重大变动的警示及原因说明。特此公告。董事会。

本公司董事会及全体董事保证本公告内容不存在任何虚假记载、误导性陈述或者重大遗漏，并对其内容的真实性、准确性和完整性承担个别及连带责任。一、重要内容提示。公司董事会、监事会及董事、监事、高级管理人员保证季度报告内容的真实、准确、完整，不存在虚假记载、误导性陈述或者重大遗漏，并承担个别和连带的法律责任。公司负责人、主管会计工作负责人及会计机构负责人保证季度报告中财务报表的真实、准确、完整。本公司第三季度报告未经审计。二、公司基本情况。主要财务数据单位元币种人民币，本报告期末比上年度末增减百分比，总资产，归属于上市公司股东的净资产，经营活动产生的现金流量净额，营业收入，归属于上市公司股东的净利润，扣除非经常性损益的净利润，加权平均净资产收益率，基本每股收益，稀释每股收益。非经常性损益项目和金额，非流动资产处置损益，计入当期损益的政府补助，委托他人投资或管理资产的损益，除上述各项之外的其他营业外收入和支出，所得税影响额，合计。截止报告期末的股东总数、前十名股东、前十名流通股东持股情况表，股东名称，期末持股数量，比例，持有有限售条件股份数量，质押或冻结情况，股东性质。三、重要事项。公司主要会计报表项目、财务指标重大变动的情况及原因，重要事项进展情况及其影响和解决方案的分析说明，报告期内超期未履行完毕的承诺事项，预测年初至下一报告期期末的累计净利润可能为亏损或者与上年同期相比发生重大变动的警示及原因说明。特此公告。董事会。

本公司董事会及全体董事保证本公告内容不存在任何虚假记载、误导性陈述或者重大遗漏，并对其内容的真实性、准确性和完整性承担个别及连带责任。一、重要内容提示。公司董事会、监事会及董事、监事、高级管理人员保证季度报告内容的真实、准确、完整，不存在虚假记载、误导性陈述或者重大遗漏，并承担个别和连带的法律责任。公司负责人、主管会计工作负责人及会计机构负责人保证季度报告中财务报表的真实、准确、完整。本公司第三季度报告未经审计。二、公司基本情况。主要财务数据单位元币种人民币，本报告期末比上年度末增减百分比，总资产，归属于上市公司股东的净资产，经营活动产生的现金流量净额，营业收入，归属于上市公司股东的净利润，扣除非经常性损益的净利润，加权平均净资产收益率，基本每股收益，稀释每股收益。非经常性损益项目和金额，非流动资产处置损益，计入当期损益的政府补助，委托他人投资或管理资产的损益，除上述各项之外的其他营业外收入和支出，所得税影响额，合计。截止报告期末的股东总数、前十名股东、前十名流通股东持股情况表，股东名称，期末持股数量，比例，持有有限售条件股份数量，质押或冻结情况，股东性质。三、重要事项。公司主要会计报表项目、财务指标重大变动的情况及原因，重要事项进展情况及其影响和解决方案的分析说明，报告期内超期未履行完毕的承诺事项，预测年初至下一报告期期末的累计净利润可能为亏损或者与上年同期相比发生重大变动的警示及原因说明。特此公告。董事会。

本公司董事会及全体董事保证本公告内容不存在任何虚假记载、误导性陈述或者重大遗漏，并对其内容的真实性、准确性和完整性承担个别及连带责任。一、重要内容提示。公司董事会、监事会及董事、监事、高级管理人员保证季度报告内容的真实、准确、完整，不存在虚假记载、误导性陈述或者重大遗漏，并承担个别和连带的法律责任。公司负责人、主管会计工作负责人及会计机构负责人保证季度报告中财务报表的真实、准确、完整。本公司第三季度报告未经审计。二、公司基本情况。主要财务数据单位元币种人民币，本报告期末比上年度末增减百分比，总资产，归属于上市公司股东的净资产，经营活动产生的现金流量净额，营业收入，归属于上市公司股东的净利润，扣除非经常性损益的净利润，加权平均净资产收益率，基本每股收益，稀释每股收益。非经常性损益项目和金额，非流动资产处置损益，计入当期损益的政府补助，委托他人投资或管理资产的损益，除上述各项之外的其他营业外收入和支出，所得税影响额，合计。截止报告期末的股东总数、前十名股东、前十名流通股东持股情况表，股东名称，期末持股数量，比例，持有有限售条件股份数量，质押或冻结情况，股东性质。三、重要事项。公司主要会计报表项目、财务指标重大变动的情况及原因，重要事项进展情况及其影响和解决方案的分析说明，报告期内超期未履行完毕的承诺事项，预测年初至下一报告期期末的累计净利润可能为亏损或者与上年同期相比发生重大变动的警示及原因说明。特此公告。董事会。

本公司董事会及全体董事保证本公告内容不存在任何虚假记载、误导性陈述或者重大遗漏，并对其内容的真实性、准确性和完整性承担个别及连带责任。一、重要内容提示。公司董事会、监事会及董事、监事、高级管理人员保证季度报告内容的真实、准确、完整，不存在虚假记载、误导性陈述或者重大遗漏，并承担个别和连带的法律责任。公司负责人、主管会计工作负责人及会计机构负责人保证季度报告中财务报表的真实、准确、完整。本公司第三季度报告未经审计。二、公司基本情况。主要财务数据单位元币种人民币，本报告期末比上年度末增减百分比，总资产，归属于上市公司股东的净资产，经营活动产生的现金流量净额，营业收入，归属于上市公司股东的净利润，扣除非经常性损益的净利润，加权平均净资产收益率，基本每股收益，稀释每股收益。非经常性损益项目和金额，非流动资产处置损益，计入当期损益的政府补助，委托他人投资或管理资产的损益，除上述各项之外的其他营业外收入和支出，所得税影响额，合计。截止报告期末的股东总数、前十名股东、前十名流通股东持股情况表，股东名称，期末持股数量，比例，持有有限售条件股份数量，质押或冻结情况，股东性质。三、重要事项。公司主要会计报表项目、财务指标重大变动的情况及原因，重要事项进展情况及其影响和解决方案的分析说明，报告期内超期未履行完毕的承诺事项，预测年初至下一报告期期末的累计净利润可能为亏损或者与上

本公司董事会及全体董事保证本公告内容不存在任何虚假记载、误导性陈述或者重大遗漏，并对其内容的真实性、准确性和完整性承担个别及连带责任。一、重要内容提示。公司董事会、监事会及董事、监事、高级管理人员保证季度报告内容的真实、准确、完整，不存在虚假记载、误导性陈述或者重大遗漏，并承担个别和连带的法律责任。公司负责人、主管会计工作负责人及会计机构负责人保证季度报告中财务报表的真实、准确、完整。本公司第三季度报告未经审计。二、公司基本情况。主要财务数据单位元币种人民币，本报告期末比上年度末增减百分比，总资产，归属于上市公司股东的净资产，经营活动产生的现金流量净额，营业收入，归属于上市公司股东的净利润，扣除非经常性损益的净利润，加权平均净资产收益率，基本每股收益，稀释每股收益。非经常性损益项目和金额，非流动资产处置损益，计入当期损益的政府补助，委托他人投资或管理资产的损益，除上述各项之外的其他营业外收入和支出，所得税影响额，合计。截止报告期末的股东总数、前十名股东、前十名流通股东持股情况表，股东名称，期末持股数量，比例，持有有限售条件股份数量，质押或冻结情况，股东性质。三、重要事项。公司主要会计报表项目、财务指标重大变动的情况及原因，重要事项进展情况及其影响和解决方案的分析说明，报告期内超期未履行完毕的承诺事项，预测年初至下一报告期期末的累计净利润可能为亏损或者与上年同期相比发生重大变动的警示及原因说明。特此公告。董事会。

本公司董事会及全体董事保证本公告内容不存在任何虚假记载、误导性陈述或者重大遗漏，并对其内容的真实性、准确性和完整性承担个别及连带责任。一、重要内容提示。公司董事会、监事会及董事、监事、高级管理人员保证季度报告内容的真实、准确、完整，不存在虚假记载、误导性陈述或者重大遗漏，并承担个别和连带的法律责任。公司负责人、主管会计工作负责人及会计机构负责人保证季度报告中财务报表的真实、准确、完整。本公司第三季度报告未经审计。二、公司基本情况。主要财务数据单位元币种人民币，本报告期末比上年度末增减百分比，总资产，归属于上市公司股东的净资产，经营活动产生的现金流量净额，营业收入，归属于上市公司股东的净利润，扣除非经常性损益的净利润，加权平均净资产收益率，基本每股收益，稀释每股收益。非经常性损益项目和金额，非流动资产处置损益，计入当期损益的政府补助，委托他人投资或管理资产的损益，除上述各项之外的其他营业外收入和支出，所得税影响额，合计。截止报告期末的股东总数、前十名股东、前十名流通股东持股情况表，股东名称，期末持股数量，比例，持有有限售条件股份数量，质押或冻结情况，股东性质。三、重要事项。公司主要会计报表项目、财务指标重大变动的情况及原因，重要事项进展情况及其影响和解决方案的分析说明，报告期内超期未履行完毕的承诺事项，预测年初至下一报告期期末的累计净利润可能为亏损或者与上年同期相比发生重大变动的警示及原因说明。特此公告。董事会。

本公司董事会及全体董事保证本公告内容不存在任何虚假记载、误导性陈述或者重大遗漏，并对其内容的真实性、准确性和完整性承担个别及连带责任。一、重要内容提示。公司董事会、监事会及董事、监事、高级管理人员保证季度报告内容的真实、准确、完整，不存在虚假记载、误导性陈述或者重大遗漏，并承担个别和连带的法律责任。公司负责人、主管会计工作负责人及会计机构负责人保证季度报告中财务报表的真实、准确、完整。本公司第三季度报告未经审计。二、公司基本情况。主要财务数据单位元币种人民币，本报告期末比上年度末增减百分比，总资产，归属于上市公司股东的净资产，经营活动产生的现金流量净额，营业收入，归属于上市公司股东的净利润，扣除非经常性损益的净利润，加权平均净资产收益率，基本每股收益，稀释每股收益。非经常性损益项目和金额，非流动资产处置损益，计入当期损益的政府补助，委托他人投资或管理资产的损益，除上述各项之外的其他营业外收入和支出，所得税影响额，合计。截止报告期末的股东总数、前十名股东、前十名流通股东持股情况表，股东名称，期末持股数量，比例，持有有限售条件股份数量，质押或冻结情况，股东性质。三、重要事项。公司主要会计报表项目、财务指标重大变动的情况及原因，重要事项进展情况及其影响和解决方案的分析说明，报告期内超期未履行完毕的承诺事项，预测年初至下一报告期期末的累计净利润可能为亏损或者与上年同期相比发生重大变动的警示及原因说明。特此公告。董事会。

本公司董事会及全体董事保证本公告内容不存在任何虚假记载、误导性陈述或者重大遗漏，并对其内容的真实性、准确性和完整性承担个别及连带责任。一、重要内容提示。公司董事会、监事会及董事、监事、高级管理人员保证季度报告内容的真实、准确、完整，不存在虚假记载、误导性陈述或者重大遗漏，并承担个别和连带的法律责任。公司负责人、主管会计工作负责人及会计机构负责人保证季度报告中财务报表的真实、准确、完整。本公司第三季度报告未经审计。二、公司基本情况。主要财务数据单位元币种人民币，本报告期末比上年度末增减百分比，总资产，归属于上市公司股东的净资产，经营活动产生的现金流量净额，营业收入，归属于上市公司股东的净利润，扣除非经常性损益的净利润，加权平均净资产收益率，基本每股收益，稀释每股收益。非经常性损益项目和金额，非流动资产处置损益，计入当期损益的政府补助，委托他人投资或管理资产的损益，除上述各项之外的其他营业外收入和支出，所得税影响额，合计。截止报告期末的股东总数、前十名股东、前十名流通股东持股情况表，股东名称，期末持股数量，比例，持有有限售条件股份数量，质押或冻结情况，股东性质。三、重要事项。公司主要会计报表项目、财务指标重大变动的情况及原因，重要事项进展情况及其影响和解决方案的分析说明，报告期内超期未履行完毕的承诺事项，预测年初至下一报告期期末的累计净利润可能为亏损或者与上年同期相比发生重大变动的警示及原因说明。特此公告。董事会。

本公司董事会及全体董事保证本公告内容不存在任何虚假记载、误导性陈述或者重大遗漏，并对其内容的真实性、准确性和完整性承担个别及连带责任。一、重要内容提示。公司董事会、监事会及董事、监事、高级管理人员保证季度报告内容的真实、准确、完整，不存在虚假记载、误导性陈述或者重大遗漏，并承担个别和连带的法律责任。公司负责人、主管会计工作负责人及会计机构负责人保证季度报告中财务报表的真实、准确、完整。本公司第三季度报告未经审计。二、公司基本情况。主要财务数据单位元币种人民币，本报告期末比上年度末增减百分比，总资产，归属于上市公司股东的净资产，经营活动产生的现金流量净额，营业收入，归属于上市公司股东的净利润，扣除非经常性损益的净利润，加权平均净资产收益率，基本每股收益，稀释每股收益。非经常性损益项目和金额，非流动资产处置损益，计入当期损益的政府补助，委托他人投资或管理资产的损益，除上述各项之外的其他营业外收入和支出，所得税影响额，合计。截止报告期末的股东总数、前十名股东、前十名流通股东持股情况表，股东名称，期末持股数量，比例，持有有限售条件股份数量，质押或冻结情况，股东性质。三、重要事项。公司主要会计报表项目、财务指标重大变动的情况及原因，重要事项进展情况及其影响和解决方案的分析说明，报告期内超期未履行完毕的承诺事项，预测年初至下一报告期期末的累计净利润可能为亏损或者与上年同期相比发生重大变动的警示及原因说明。特此公告。董事会。

本公司董事会及全体董事保证本公告内容不存在任何虚假记载、误导性陈述或者重大遗漏，并对其内容的真实性、准确性和完整性承担个别及连带责任。一、重要内容提示。公司董事会、监事会及董事、监事、高级管理人员保证季度报告内容的真实、准确、完整，不存在虚假记载、误导性陈述或者重大遗漏，并承担个别和连带的法律责任。公司负责人、主管会计工作负责人及会计机构负责人保证季度报告中财务报表的真实、准确、完整。本公司第三季度报告未经审计。二、公司基本情况。主要财务数据单位元币种人民币，本报告期末比上年度末增减百分比，总资产，归属于上市公司股东的净资产，经营活动产生的现金流量净额，营业收入，归属于上市公司股东的净利润，扣除非经常性损益的净利润，加权平均净资产收益率，基本每股收益，稀释每股收益。非经常性损益项目和金额，非流动资产处置损益，计入当期损益的政府补助，委托他人投资或管理资产的损益，除上述各项之外的其他营业外收入和支出，所得税影响额，合计。截止报告期末的股东总数、前十名股东、前十名流通股东持股情况表，股东名称，期末持股数量，比例，持有有限售条件股份数量，质押或冻结情况，股东性质。三、重要事项。公司主要会计报表项目、财务指标重大变动的情况及原因，重要事项进展情况及其影响和解决方案的分析说明，报告期内超期未履行完毕的承诺事项，预测年初至下一报告期期末的累计净利润可能为亏损或者与上年同期相比发生重大变动的警示及原因说明。特此公告。董事会。

本公司董事会及全体董事保证本公告内容不存在任何虚假记载、误导性陈述或者重大遗漏，并对其内容的真实性、准确性和完整性承担个别及连带责任。一、重要内容提示。公司董事会、监事会及董事、监事、高级管理人员保证季度报告内容的真实、准确、完整，不存在虚假记载、误导性陈述或者重大遗漏，并承担个别和连带的法律责任。公司负责人、主管会计工作负责人及会计机构负责人保证季度报告中财务报表的真实、准确、完整。本公司第三季度报告未经审计。二、公司基本情况。主要财务数据单位元币种人民币，本报告期末比上年度末增减百分比，总资产，归属于上市公司股东的净资产，经营活动产生的现金流量净额，营业收入，归属于上市公司股东的净利润，扣除非经常性损益的净利润，加权平均净资产收益率，基本每股收益，稀释每股收益。非经常性损益项目和金额，非流动资产处置损益，计入当期损益的政府补助，委托他人投资或管理资产的损益，除上述各项之外的其他营业外收入和支出，所得税影响额，合计。截止报告期末的股东总数、前十名股东、前十名流通股东持股情况表，股东名称，期末持股数量，比例，持有有限售条件股份数量，质押或冻结情况，股东性质。三、重要事项。公司主要会计报表项目、财务指标重大变动的情况及原因，重要事项进展情况及其影响和解决方案的分析说明，报告期内超期未履行完毕的承诺事项，预测年初至下一报告期期末的累计净利润可能为亏损或者与上年同期相比发生重大变动的警示及原因说明。特此公告。董事会。

本公司董事会及全体董事保证本公告内容不存在任何虚假记载、误导性陈述或者重大遗漏，并对其内容的真实性、准确性和完整性承担个别及连带责任。一、重要内容提示。公司董事会、监事会及董事、监事、高级管理人员保证季度报告内容的真实、准确、完整，不存在虚假记载、误导性陈述或者重大遗漏，并承担个别和连带的法律责任。公司负责人、主管会计工作负责人及会计机构负责人保证季度报告中财务报表的真实、准确、完整。本公司第三季度报告未经审计。二、公司基本情况。主要财务数据单位元币种人民币，本报告期末比上年度末增减百分比，总资产，归属于上市公司股东的净资产，经营活动产生的现金流量净额，营业收入，归属于上市公司股东的净利润，扣除非经常性损益的净利润，加权平均净资产收益率，基本每股收益，稀释每股收益。非经常性损益项目和金额，非流动资产处置损益，计入当期损益的政府补助，委托他人投资或管理资产的损益，除上述各项之外的其他营业外收入和支出，所得税影响额，合计。截止报告期末的股东总数、前十名股东、前十名流通股东持股情况表，股东名称，期末持股数量，比例，持有有限售条件股份数量，质押或冻结情况，股东性质。三、重要事项。公司主要会计报表项目、财务指标重大变动的情况及原因，重要事项进展情况及其影响和解决方案的分析说明，报告期内超期未履行完毕的承诺事项，预测年初至下一报告期期末的累计净利润可能为亏损或者与上年同期相比发生重大变动的警示及原因说明。特此公告。董事会。

本公司董事会及全体董事保证本公告内容不存在任何虚假记载、误导性陈述或者重大遗漏，并对其内容的真实性、准确性和完整性承担个别及连带责任。一、重要内容提示。公司董事会、监事会及董事、监事、高级管理人员保证季度报告内容的真实、准确、完整，不存在虚假记载、误导性陈述或者重大遗漏，并承担个别和连带的法律责任。公司负责人、主管会计工作负责人及会计机构负责人保证季度报告中财务报表的真实、准确、完整。本公司第三季度报告未经审计。二、公司基本情况。主要财务数据单位元币种人民币，本报告期末比上年度末增减百分比，总资产，归属于上市公司股东的净资产，经营活动产生的现金流量净额，营业收入，归属于上市公司股东的净利润，扣除非经常性损益的净利润，加权平均净资产收益率，基本每股收益，稀释每股收益。非经常性损益项目和金额，非流动资产处置损益，计入当期损益的政府补助，委托他人投资或管理资产的损益，除上述各项之外的其他营业外收入和支出，所得税影响额，合计。截止报告期末的股东总数、前十名股东、前十名流通股东持股情况表，股东名称，期末持股数量，比例，持有有限售条件股份数量，质押或冻结情况，股东性质。三、重要事项。公司主要会计报表项目、财务指标重大变动的情况及原因，重要事项进展情况及其影响和解决方案的分析说明，报告期内超期未履行完毕的承诺事项，预测年初至下一报告期期末的累计净利润可能为亏损或者与上年同期相比发生重大变动的警示及原因说明。特此公告。董事会。

本公司董事会及全体董事保证本公告内容不存在任何虚假记载、误导性陈述或者重大遗漏，并对其内容的真实性、准确性和完整性承担个别及连带责任。一、重要内容提示。公司董事会、监事会及董事、监事、高级管理人员保证季度报告内容的真实、准确、完整，不存在虚假记载、误导性陈述或者重大遗漏，并承担个别和连带的法律责任。公司负责人、主管会计工作负责人及会计机构负责人保证季度报告中财务报表的真实、准确、完整。本公司第三季度报告未经审计。二、公司基本情况。主要财务数据单位元币种人民币，本报告期末比上年度末增减百分比，总资产，归属于上市公司股东的净资产，经营活动产生的现金流量净额，营业收入，归属于上市公司股东的净利润，扣除非经常性损益的净利润，加权平均净资产收益率，基本每股收益，稀释每股收益。非经常性损益项目和金额，非流动资产处置损益，计入当期损益的政府补助，委托他人投资或管理资产的损益，除上述各项之外的其他营业外收入和支出，所得税影响额，合计。截止报告期末的股东总数、前十名股东、前十名流通股东持股情况表，股东名称，期末持股数量，比例，持有有限售条件股份数量，质押或冻结情况，股东性质。三、重要事项。公司主要会计报表项目、财务指标重大变动的情况及原因，重要事项进展情况及其影响和解决方案的分析说明，报告期内超期未履行完毕的承诺事项，预测年初至下一报告期期末的累计净利润可能为亏损或者与上年同期相比发生重大变动的警示及原因说明。特此公告。董事会。

本公司董事会及全体董事保证本公告内容不存在任何虚假记载、误导性陈述或者重大遗漏，并对其内容的真实性、准确性和完整性承担个别及连带责任。一、重要内容提示。公司董事会、监事会及董事、监事、高级管理人员保证季度报告内容的真实、准确、完整，不存在虚假记载、误导性陈述或者重大遗漏，并承担个别和连带的法律责任。公司负责人、主管会计工作负责人及会计机构负责人保证季度报告中财务报表的真实、准确、完整。本公司第三季度报告未经审计。二、公司基本情况。主要财务数据单位元币种人民币，本报告期末比上年度末增减百分比，总资产，归属于上市公司股东的净资产，经营活动产生的现金流量净额，营业收入，归属于上市公司股东的净利润，扣除非经常性损益的净利润，加权平均净资产收益率，基本每股收益，稀释每股收益。非经常性损益项目和金额，非流动资产处置损益，计入当期损益的政府补助，委托他人投资或管理资产的损益，除上述各项之外的其他营业外收入和支出，所得税影响额，合计。截止报告期末的股东总数、前十名股东、前十名流通股东持股情况表，股东名称，期末持股数量，比例，持有有限售条件股份数量，质押或冻结情况，股东性质。三、重要事项。公司主要会计报表项目、财务指标重大变动的情况及原因，重要事项进展情况及其影响和解决方案的分析说明，报告期内超期未履行完毕的承诺事项，预测年初至下一报告期期末的累计净利润可能为亏损或者与上年同期相比发生重大变动的警示及原因说明。特此公告。董事会。

本公司董事会及全体董事保证本公告内容不存在任何虚假记载、误导性陈述或者重大遗漏，并对其内容的真实性、准确性和完整性承担个别及连带责任。一、重要内容提示。公司董事会、监事会及董事、监事、高级管理人员保证季度报告内容的真实、准确、完整，不存在虚假记

证券日报
